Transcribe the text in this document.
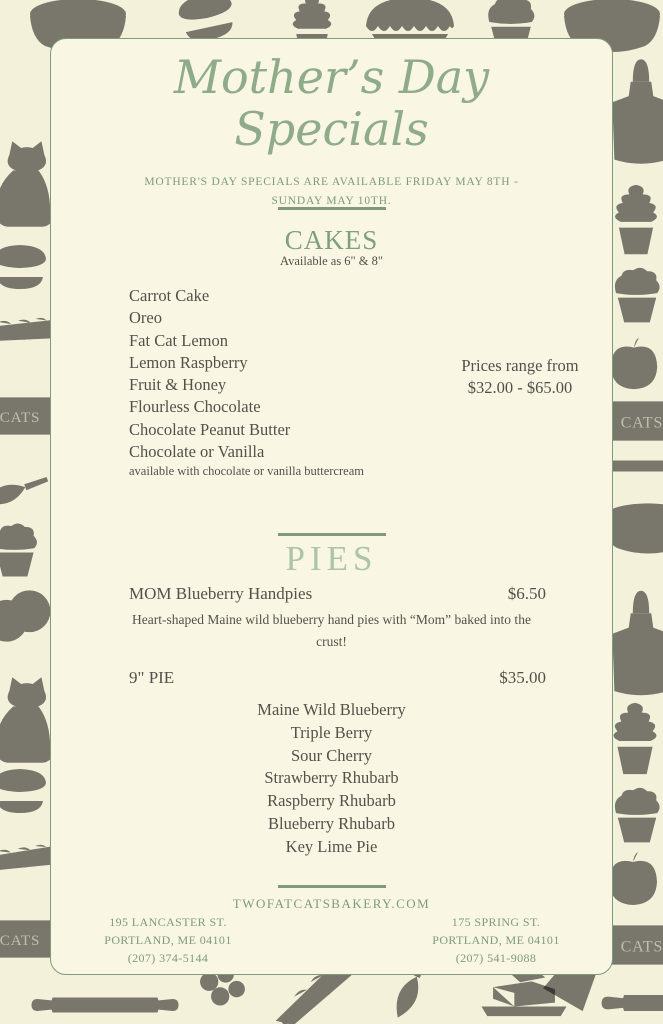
Mother’s Day
Specials

MOTHER'S DAY SPECIALS ARE AVAILABLE FRIDAY MAY 8TH - SUNDAY MAY 10TH.

CAKES

Available as 6" & 8"

Carrot Cake
Oreo
Fat Cat Lemon
Lemon Raspberry
Fruit & Honey
Flourless Chocolate
Chocolate Peanut Butter
Chocolate or Vanilla

available with chocolate or vanilla buttercream

Prices range from
$32.00 - $65.00
PIES
MOM Blueberry Handpies	$6.50

Heart-shaped Maine wild blueberry hand pies with “Mom” baked into the crust!

9" PIE	$35.00
Maine Wild Blueberry
Triple Berry
Sour Cherry
Strawberry Rhubarb
Raspberry Rhubarb
Blueberry Rhubarb
Key Lime Pie

TWOFATCATSBAKERY.COM

195 LANCASTER ST.
PORTLAND, ME 04101
(207) 374-5144
175 SPRING ST.
PORTLAND, ME 04101
(207) 541-9088
